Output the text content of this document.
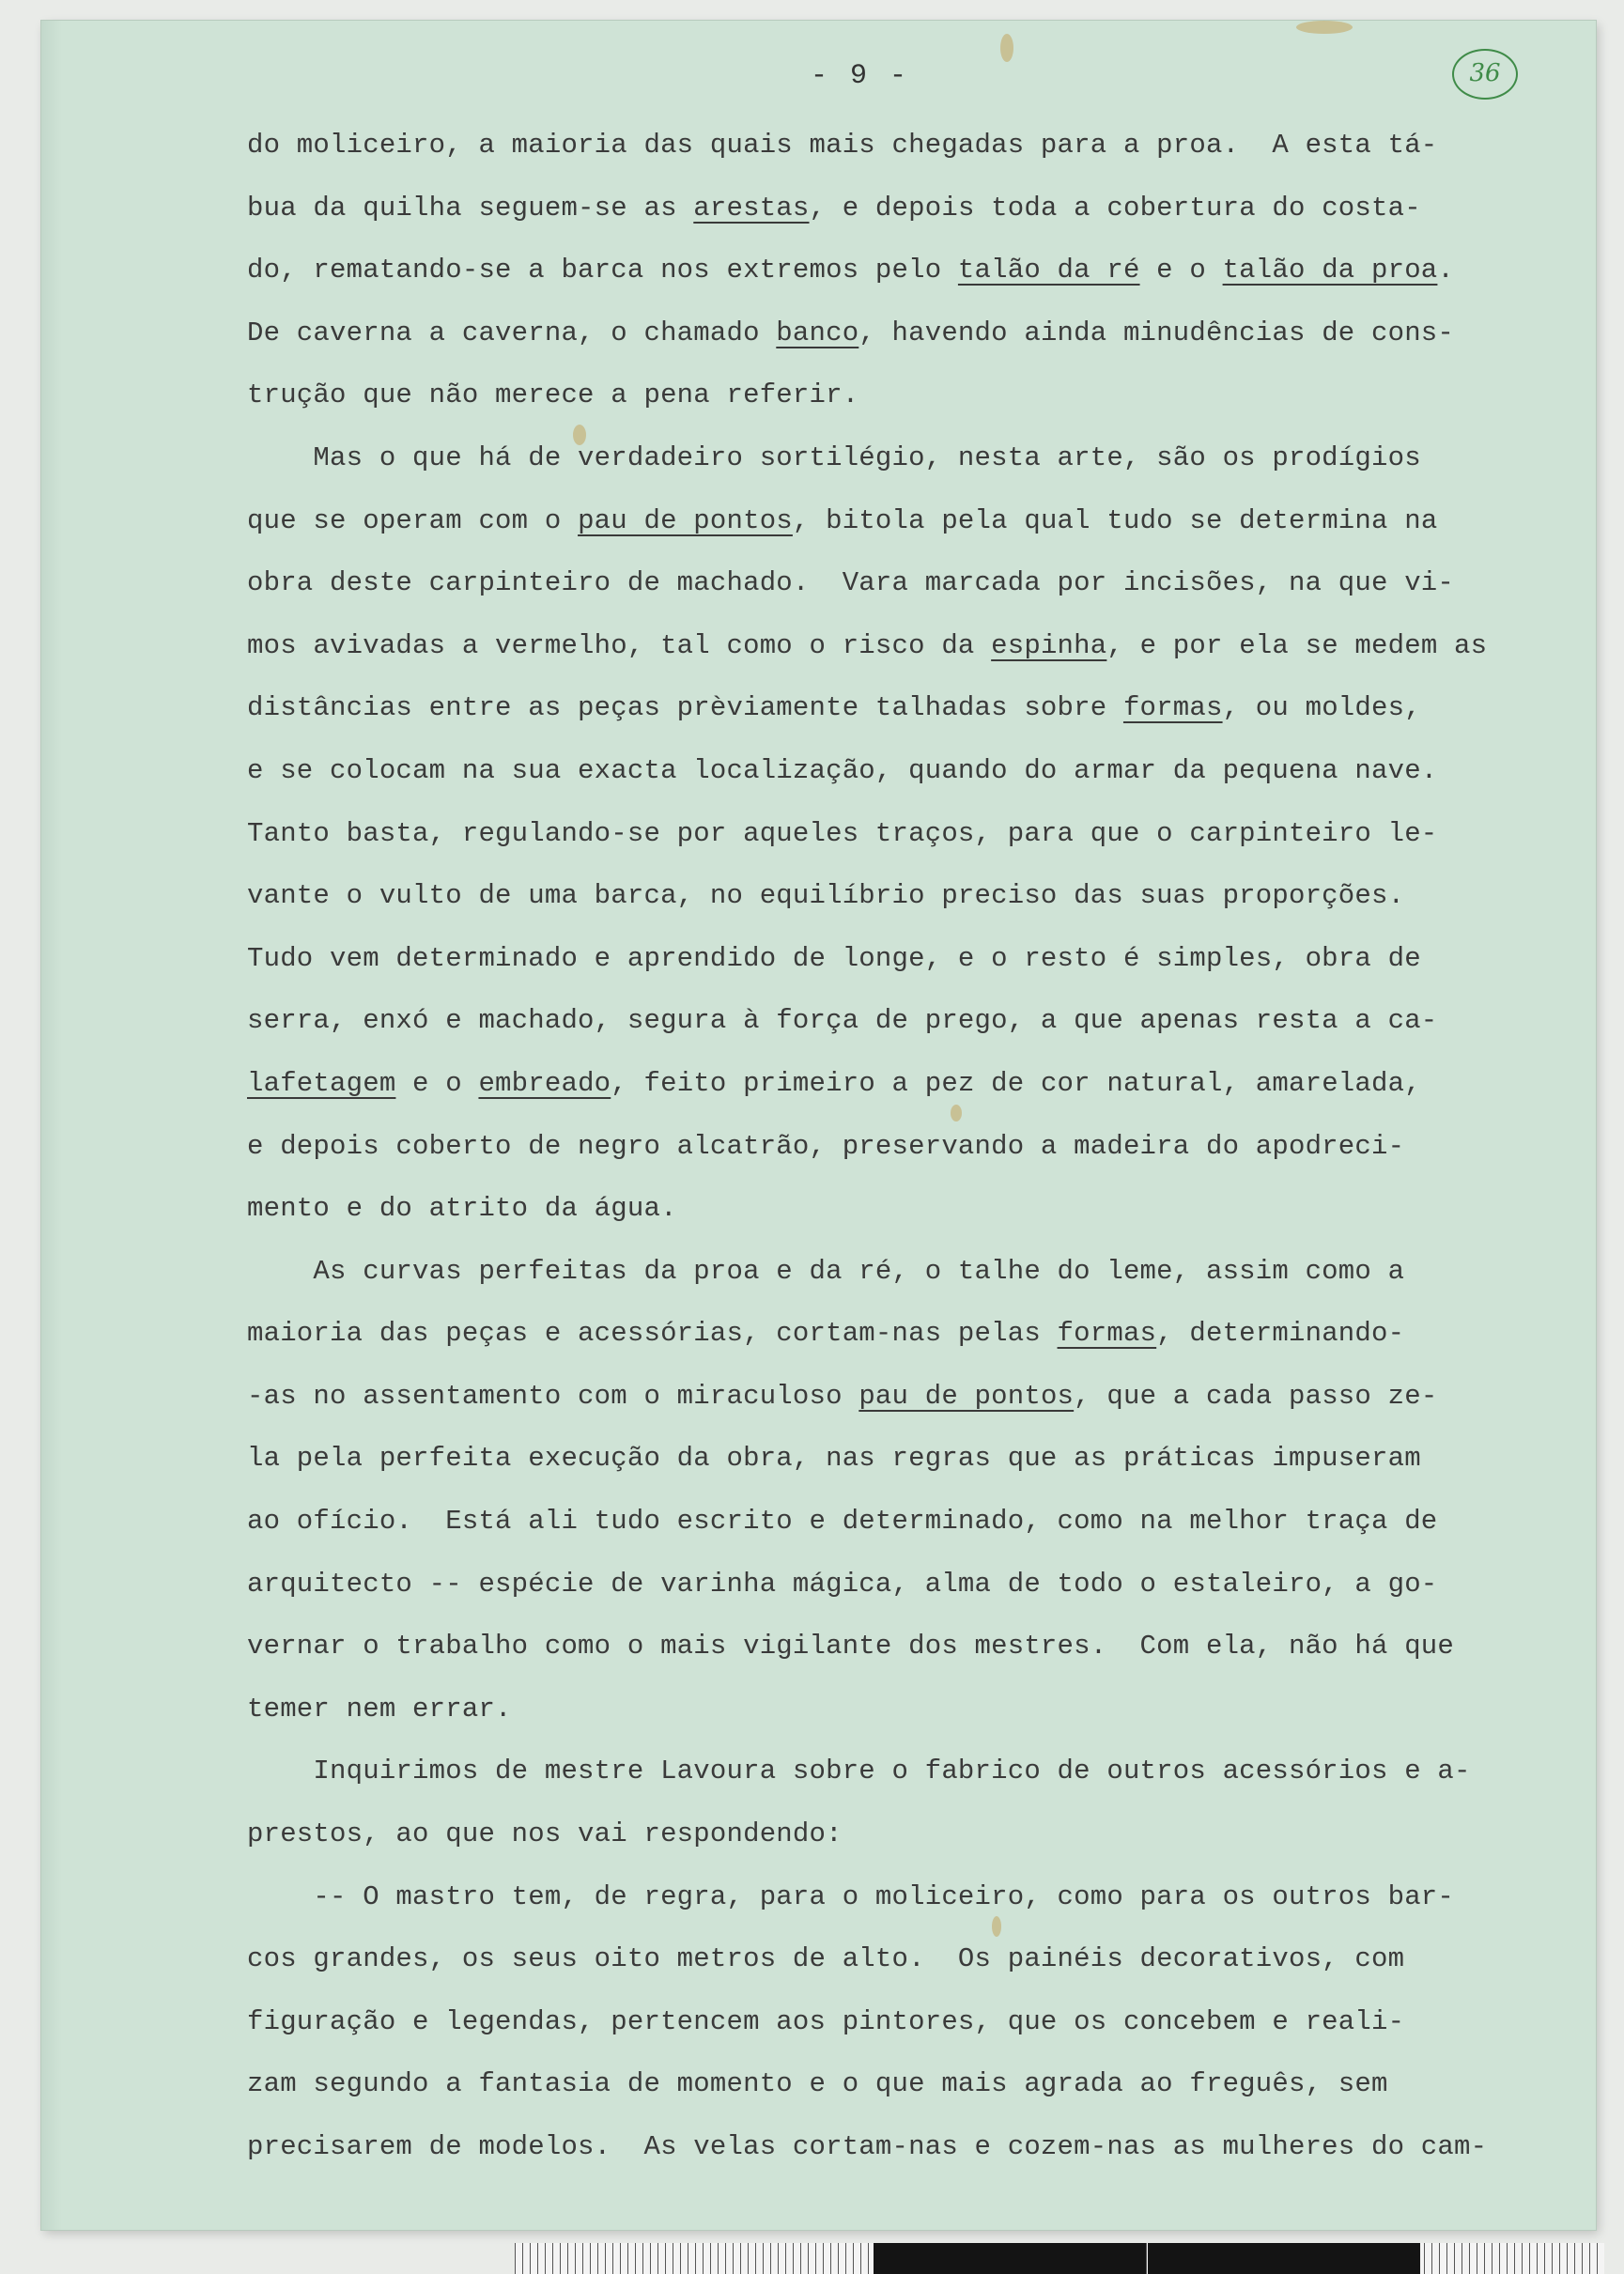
- 9 -	36
do moliceiro, a maioria das quais mais chegadas para a proa.  A esta tá-
bua da quilha seguem-se as arestas, e depois toda a cobertura do costa-
do, rematando-se a barca nos extremos pelo talão da ré e o talão da proa.
De caverna a caverna, o chamado banco, havendo ainda minudências de cons-
trução que não merece a pena referir.
Mas o que há de verdadeiro sortilégio, nesta arte, são os prodígios
que se operam com o pau de pontos, bitola pela qual tudo se determina na
obra deste carpinteiro de machado.  Vara marcada por incisões, na que vi-
mos avivadas a vermelho, tal como o risco da espinha, e por ela se medem as
distâncias entre as peças prèviamente talhadas sobre formas, ou moldes,
e se colocam na sua exacta localização, quando do armar da pequena nave.
Tanto basta, regulando-se por aqueles traços, para que o carpinteiro le-
vante o vulto de uma barca, no equilíbrio preciso das suas proporções.
Tudo vem determinado e aprendido de longe, e o resto é simples, obra de
serra, enxó e machado, segura à força de prego, a que apenas resta a ca-
lafetagem e o embreado, feito primeiro a pez de cor natural, amarelada,
e depois coberto de negro alcatrão, preservando a madeira do apodreci-
mento e do atrito da água.
As curvas perfeitas da proa e da ré, o talhe do leme, assim como a
maioria das peças e acessórias, cortam-nas pelas formas, determinando-
-as no assentamento com o miraculoso pau de pontos, que a cada passo ze-
la pela perfeita execução da obra, nas regras que as práticas impuseram
ao ofício.  Está ali tudo escrito e determinado, como na melhor traça de
arquitecto -- espécie de varinha mágica, alma de todo o estaleiro, a go-
vernar o trabalho como o mais vigilante dos mestres.  Com ela, não há que
temer nem errar.
Inquirimos de mestre Lavoura sobre o fabrico de outros acessórios e a-
prestos, ao que nos vai respondendo:
-- O mastro tem, de regra, para o moliceiro, como para os outros bar-
cos grandes, os seus oito metros de alto.  Os painéis decorativos, com
figuração e legendas, pertencem aos pintores, que os concebem e reali-
zam segundo a fantasia de momento e o que mais agrada ao freguês, sem
precisarem de modelos.  As velas cortam-nas e cozem-nas as mulheres do cam-
